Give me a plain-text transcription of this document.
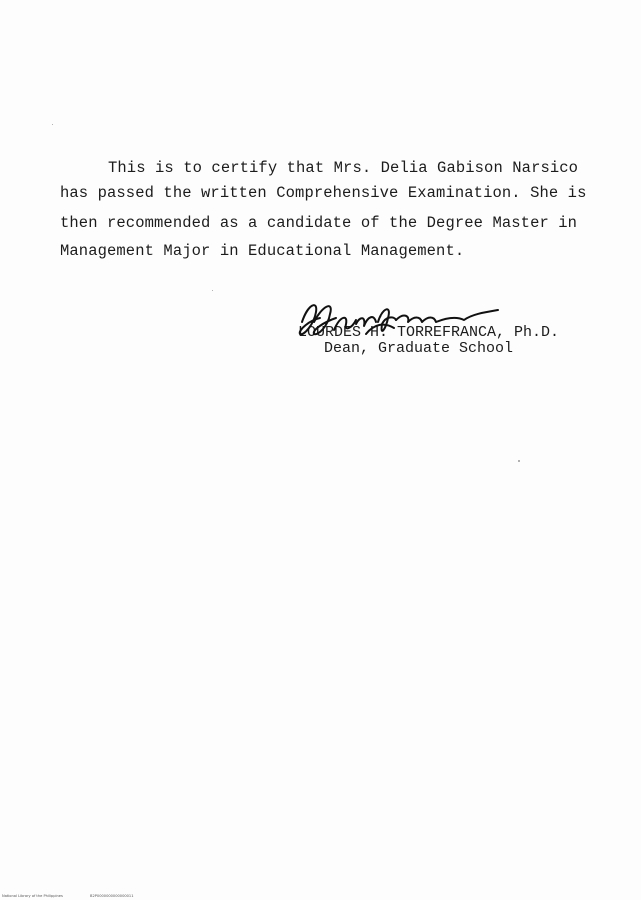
This is to certify that Mrs. Delia Gabison Narsico
has passed the written Comprehensive Examination. She is
then recommended as a candidate of the Degree Master in
Management Major in Educational Management.
LOURDES H. TORREFRANCA, Ph.D.
Dean, Graduate School
National Library of the Philippines	B2P0000000000000011
